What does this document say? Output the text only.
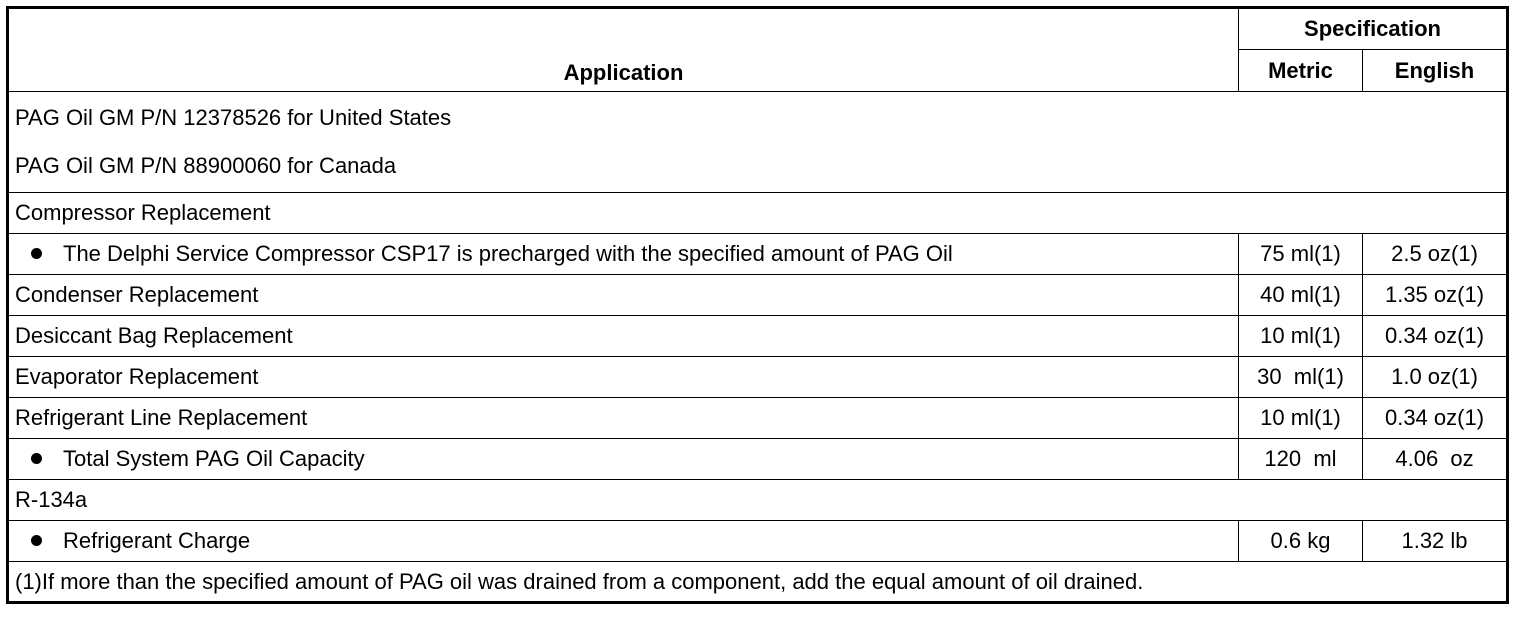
Application	Specification	
	Metric	English

PAG Oil GM P/N 12378526 for United States
PAG Oil GM P/N 88900060 for Canada		

Compressor Replacement		
The Delphi Service Compressor CSP17 is precharged with the specified amount of PAG Oil	75 ml(1)	2.5 oz(1)
Condenser Replacement	40 ml(1)	1.35 oz(1)
Desiccant Bag Replacement	10 ml(1)	0.34 oz(1)
Evaporator Replacement	30  ml(1)	1.0 oz(1)
Refrigerant Line Replacement	10 ml(1)	0.34 oz(1)
Total System PAG Oil Capacity	120  ml	4.06  oz
R-134a		
Refrigerant Charge	0.6 kg	1.32 lb
(1)If more than the specified amount of PAG oil was drained from a component, add the equal amount of oil drained.		
